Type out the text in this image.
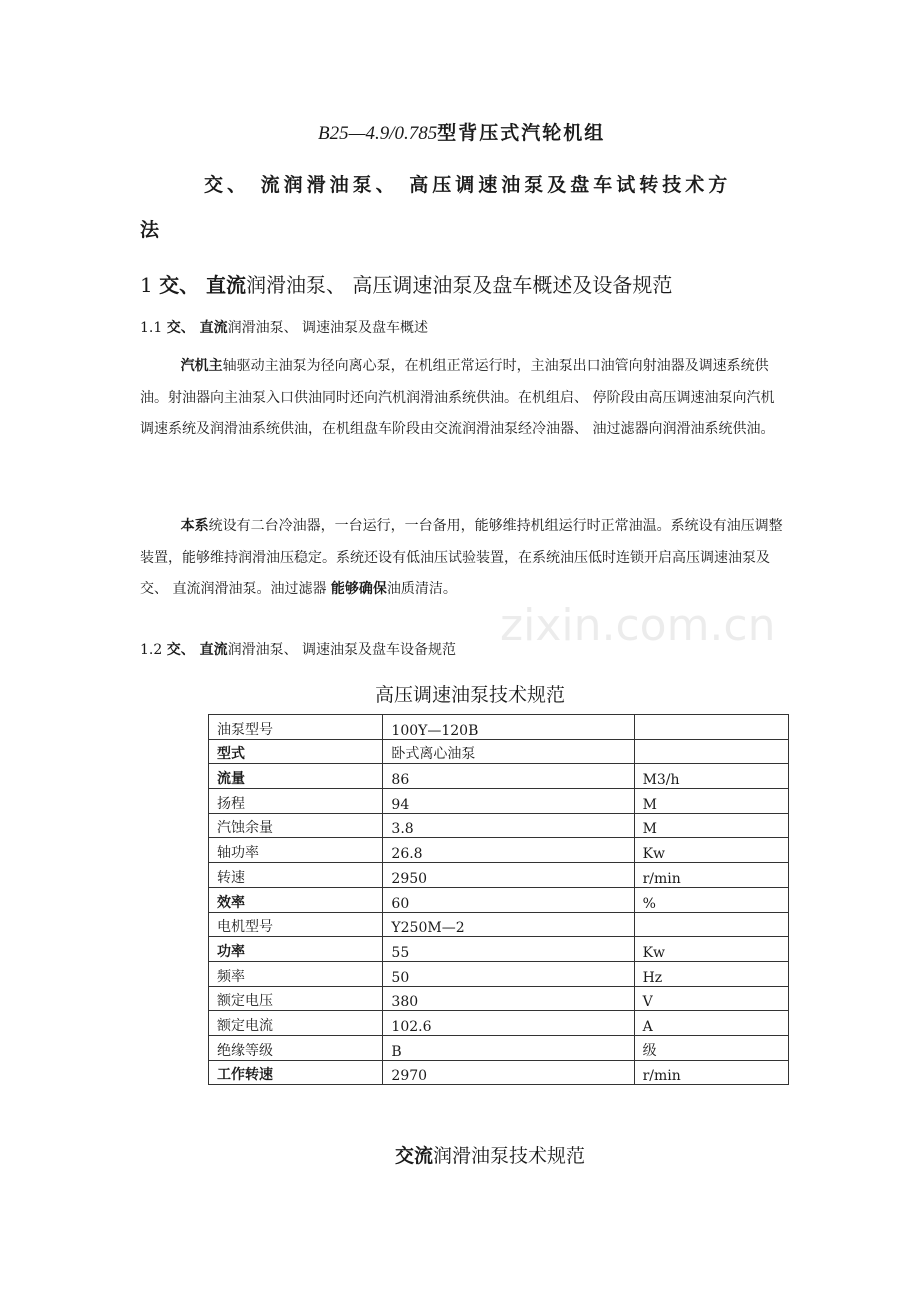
B25—4.9/0.785型背压式汽轮机组
交、 流润滑油泵、 高压调速油泵及盘车试转技术方
法
1 交、 直流润滑油泵、 高压调速油泵及盘车概述及设备规范
1.1 交、 直流润滑油泵、 调速油泵及盘车概述

汽机主轴驱动主油泵为径向离心泵，在机组正常运行时，主油泵出口油管向射油器及调速系统供油。射油器向主油泵入口供油同时还向汽机润滑油系统供油。在机组启、 停阶段由高压调速油泵向汽机调速系统及润滑油系统供油，在机组盘车阶段由交流润滑油泵经冷油器、 油过滤器向润滑油系统供油。

本系统设有二台冷油器，一台运行，一台备用，能够维持机组运行时正常油温。系统设有油压调整装置，能够维持润滑油压稳定。系统还设有低油压试验装置，在系统油压低时连锁开启高压调速油泵及交、 直流润滑油泵。油过滤器 能够确保油质清洁。

zixin.com.cn
1.2 交、 直流润滑油泵、 调速油泵及盘车设备规范
高压调速油泵技术规范
油泵型号	100Y—120B	
型式	卧式离心油泵	
流量	86	M3/h
扬程	94	M
汽蚀余量	3.8	M
轴功率	26.8	Kw
转速	2950	r/min
效率	60	%
电机型号	Y250M—2	
功率	55	Kw
频率	50	Hz
额定电压	380	V
额定电流	102.6	A
绝缘等级	B	级
工作转速	2970	r/min
交流润滑油泵技术规范
